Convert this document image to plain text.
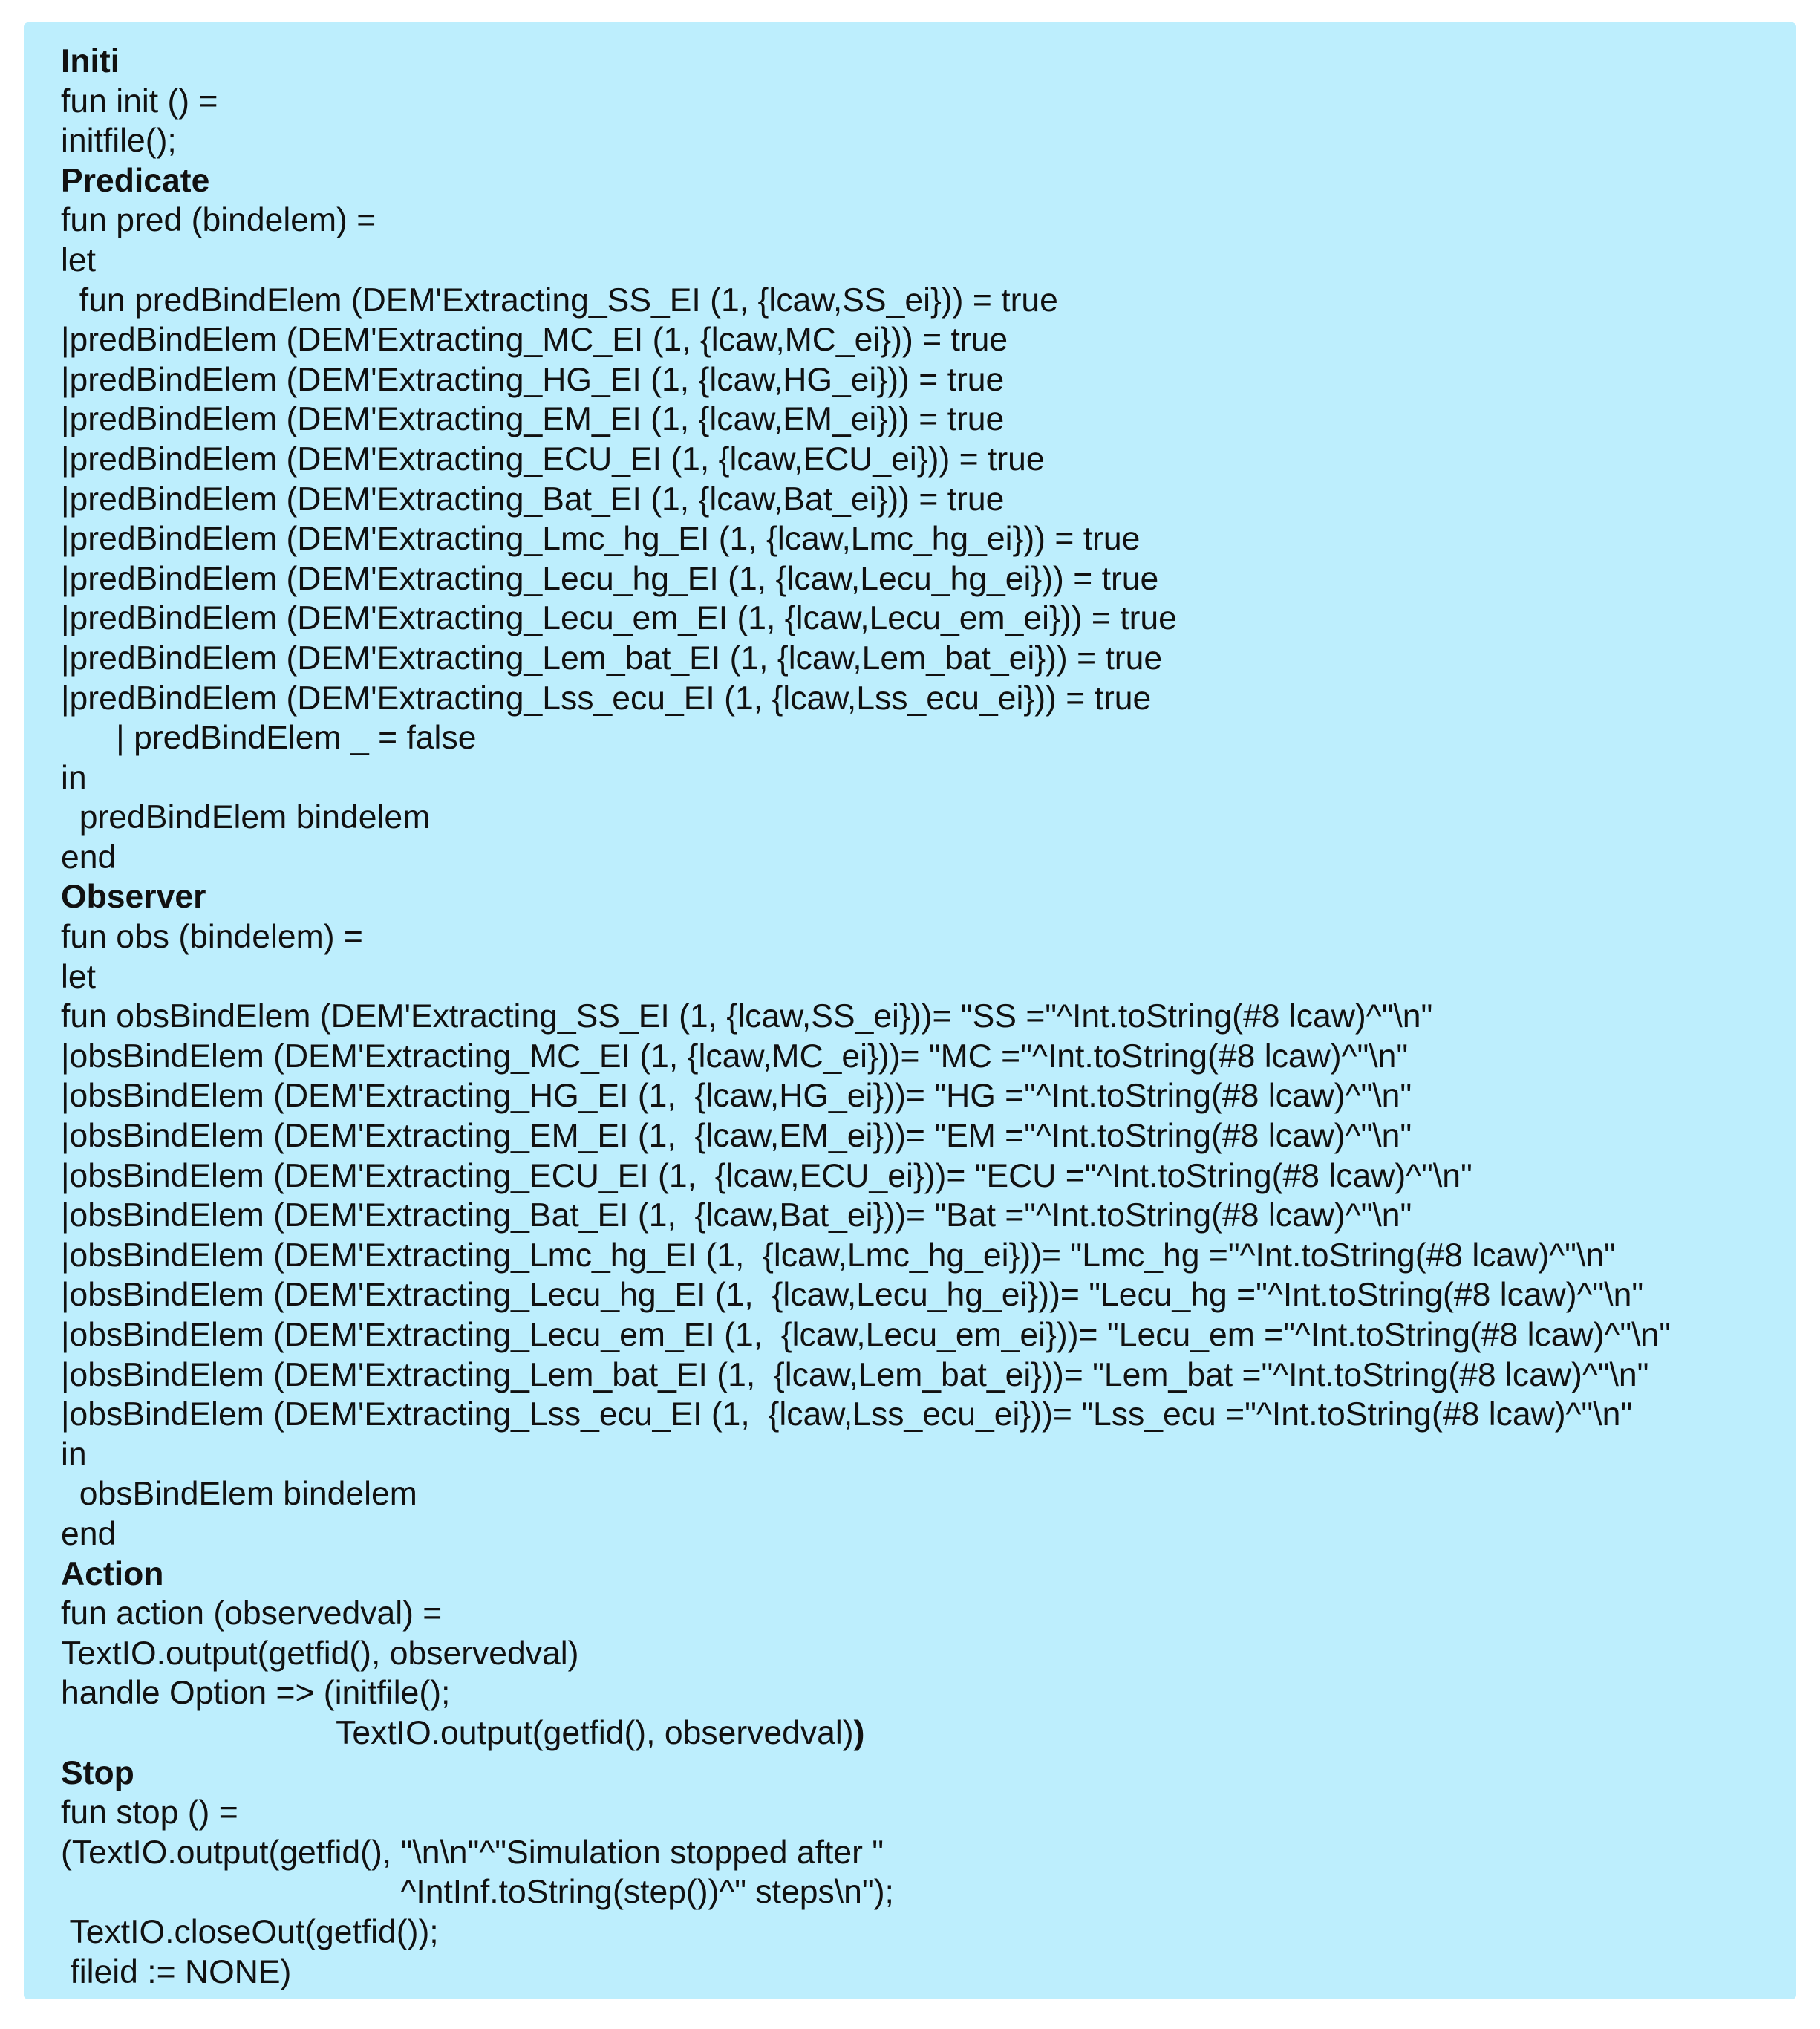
Initi
fun init () =
initfile();
Predicate
fun pred (bindelem) =
let
fun predBindElem (DEM'Extracting_SS_EI (1, {lcaw,SS_ei})) = true
|predBindElem (DEM'Extracting_MC_EI (1, {lcaw,MC_ei})) = true
|predBindElem (DEM'Extracting_HG_EI (1, {lcaw,HG_ei})) = true
|predBindElem (DEM'Extracting_EM_EI (1, {lcaw,EM_ei})) = true
|predBindElem (DEM'Extracting_ECU_EI (1, {lcaw,ECU_ei})) = true
|predBindElem (DEM'Extracting_Bat_EI (1, {lcaw,Bat_ei})) = true
|predBindElem (DEM'Extracting_Lmc_hg_EI (1, {lcaw,Lmc_hg_ei})) = true
|predBindElem (DEM'Extracting_Lecu_hg_EI (1, {lcaw,Lecu_hg_ei})) = true
|predBindElem (DEM'Extracting_Lecu_em_EI (1, {lcaw,Lecu_em_ei})) = true
|predBindElem (DEM'Extracting_Lem_bat_EI (1, {lcaw,Lem_bat_ei})) = true
|predBindElem (DEM'Extracting_Lss_ecu_EI (1, {lcaw,Lss_ecu_ei})) = true
| predBindElem _ = false
in
predBindElem bindelem
end
Observer
fun obs (bindelem) =
let
fun obsBindElem (DEM'Extracting_SS_EI (1, {lcaw,SS_ei}))= "SS ="^Int.toString(#8 lcaw)^"\n"
|obsBindElem (DEM'Extracting_MC_EI (1, {lcaw,MC_ei}))= "MC ="^Int.toString(#8 lcaw)^"\n"
|obsBindElem (DEM'Extracting_HG_EI (1,  {lcaw,HG_ei}))= "HG ="^Int.toString(#8 lcaw)^"\n"
|obsBindElem (DEM'Extracting_EM_EI (1,  {lcaw,EM_ei}))= "EM ="^Int.toString(#8 lcaw)^"\n"
|obsBindElem (DEM'Extracting_ECU_EI (1,  {lcaw,ECU_ei}))= "ECU ="^Int.toString(#8 lcaw)^"\n"
|obsBindElem (DEM'Extracting_Bat_EI (1,  {lcaw,Bat_ei}))= "Bat ="^Int.toString(#8 lcaw)^"\n"
|obsBindElem (DEM'Extracting_Lmc_hg_EI (1,  {lcaw,Lmc_hg_ei}))= "Lmc_hg ="^Int.toString(#8 lcaw)^"\n"
|obsBindElem (DEM'Extracting_Lecu_hg_EI (1,  {lcaw,Lecu_hg_ei}))= "Lecu_hg ="^Int.toString(#8 lcaw)^"\n"
|obsBindElem (DEM'Extracting_Lecu_em_EI (1,  {lcaw,Lecu_em_ei}))= "Lecu_em ="^Int.toString(#8 lcaw)^"\n"
|obsBindElem (DEM'Extracting_Lem_bat_EI (1,  {lcaw,Lem_bat_ei}))= "Lem_bat ="^Int.toString(#8 lcaw)^"\n"
|obsBindElem (DEM'Extracting_Lss_ecu_EI (1,  {lcaw,Lss_ecu_ei}))= "Lss_ecu ="^Int.toString(#8 lcaw)^"\n"
in
obsBindElem bindelem
end
Action
fun action (observedval) =
TextIO.output(getfid(), observedval)
handle Option => (initfile();
TextIO.output(getfid(), observedval))
Stop
fun stop () =
(TextIO.output(getfid(), "\n\n"^"Simulation stopped after "
^IntInf.toString(step())^" steps\n");
TextIO.closeOut(getfid());
fileid := NONE)
